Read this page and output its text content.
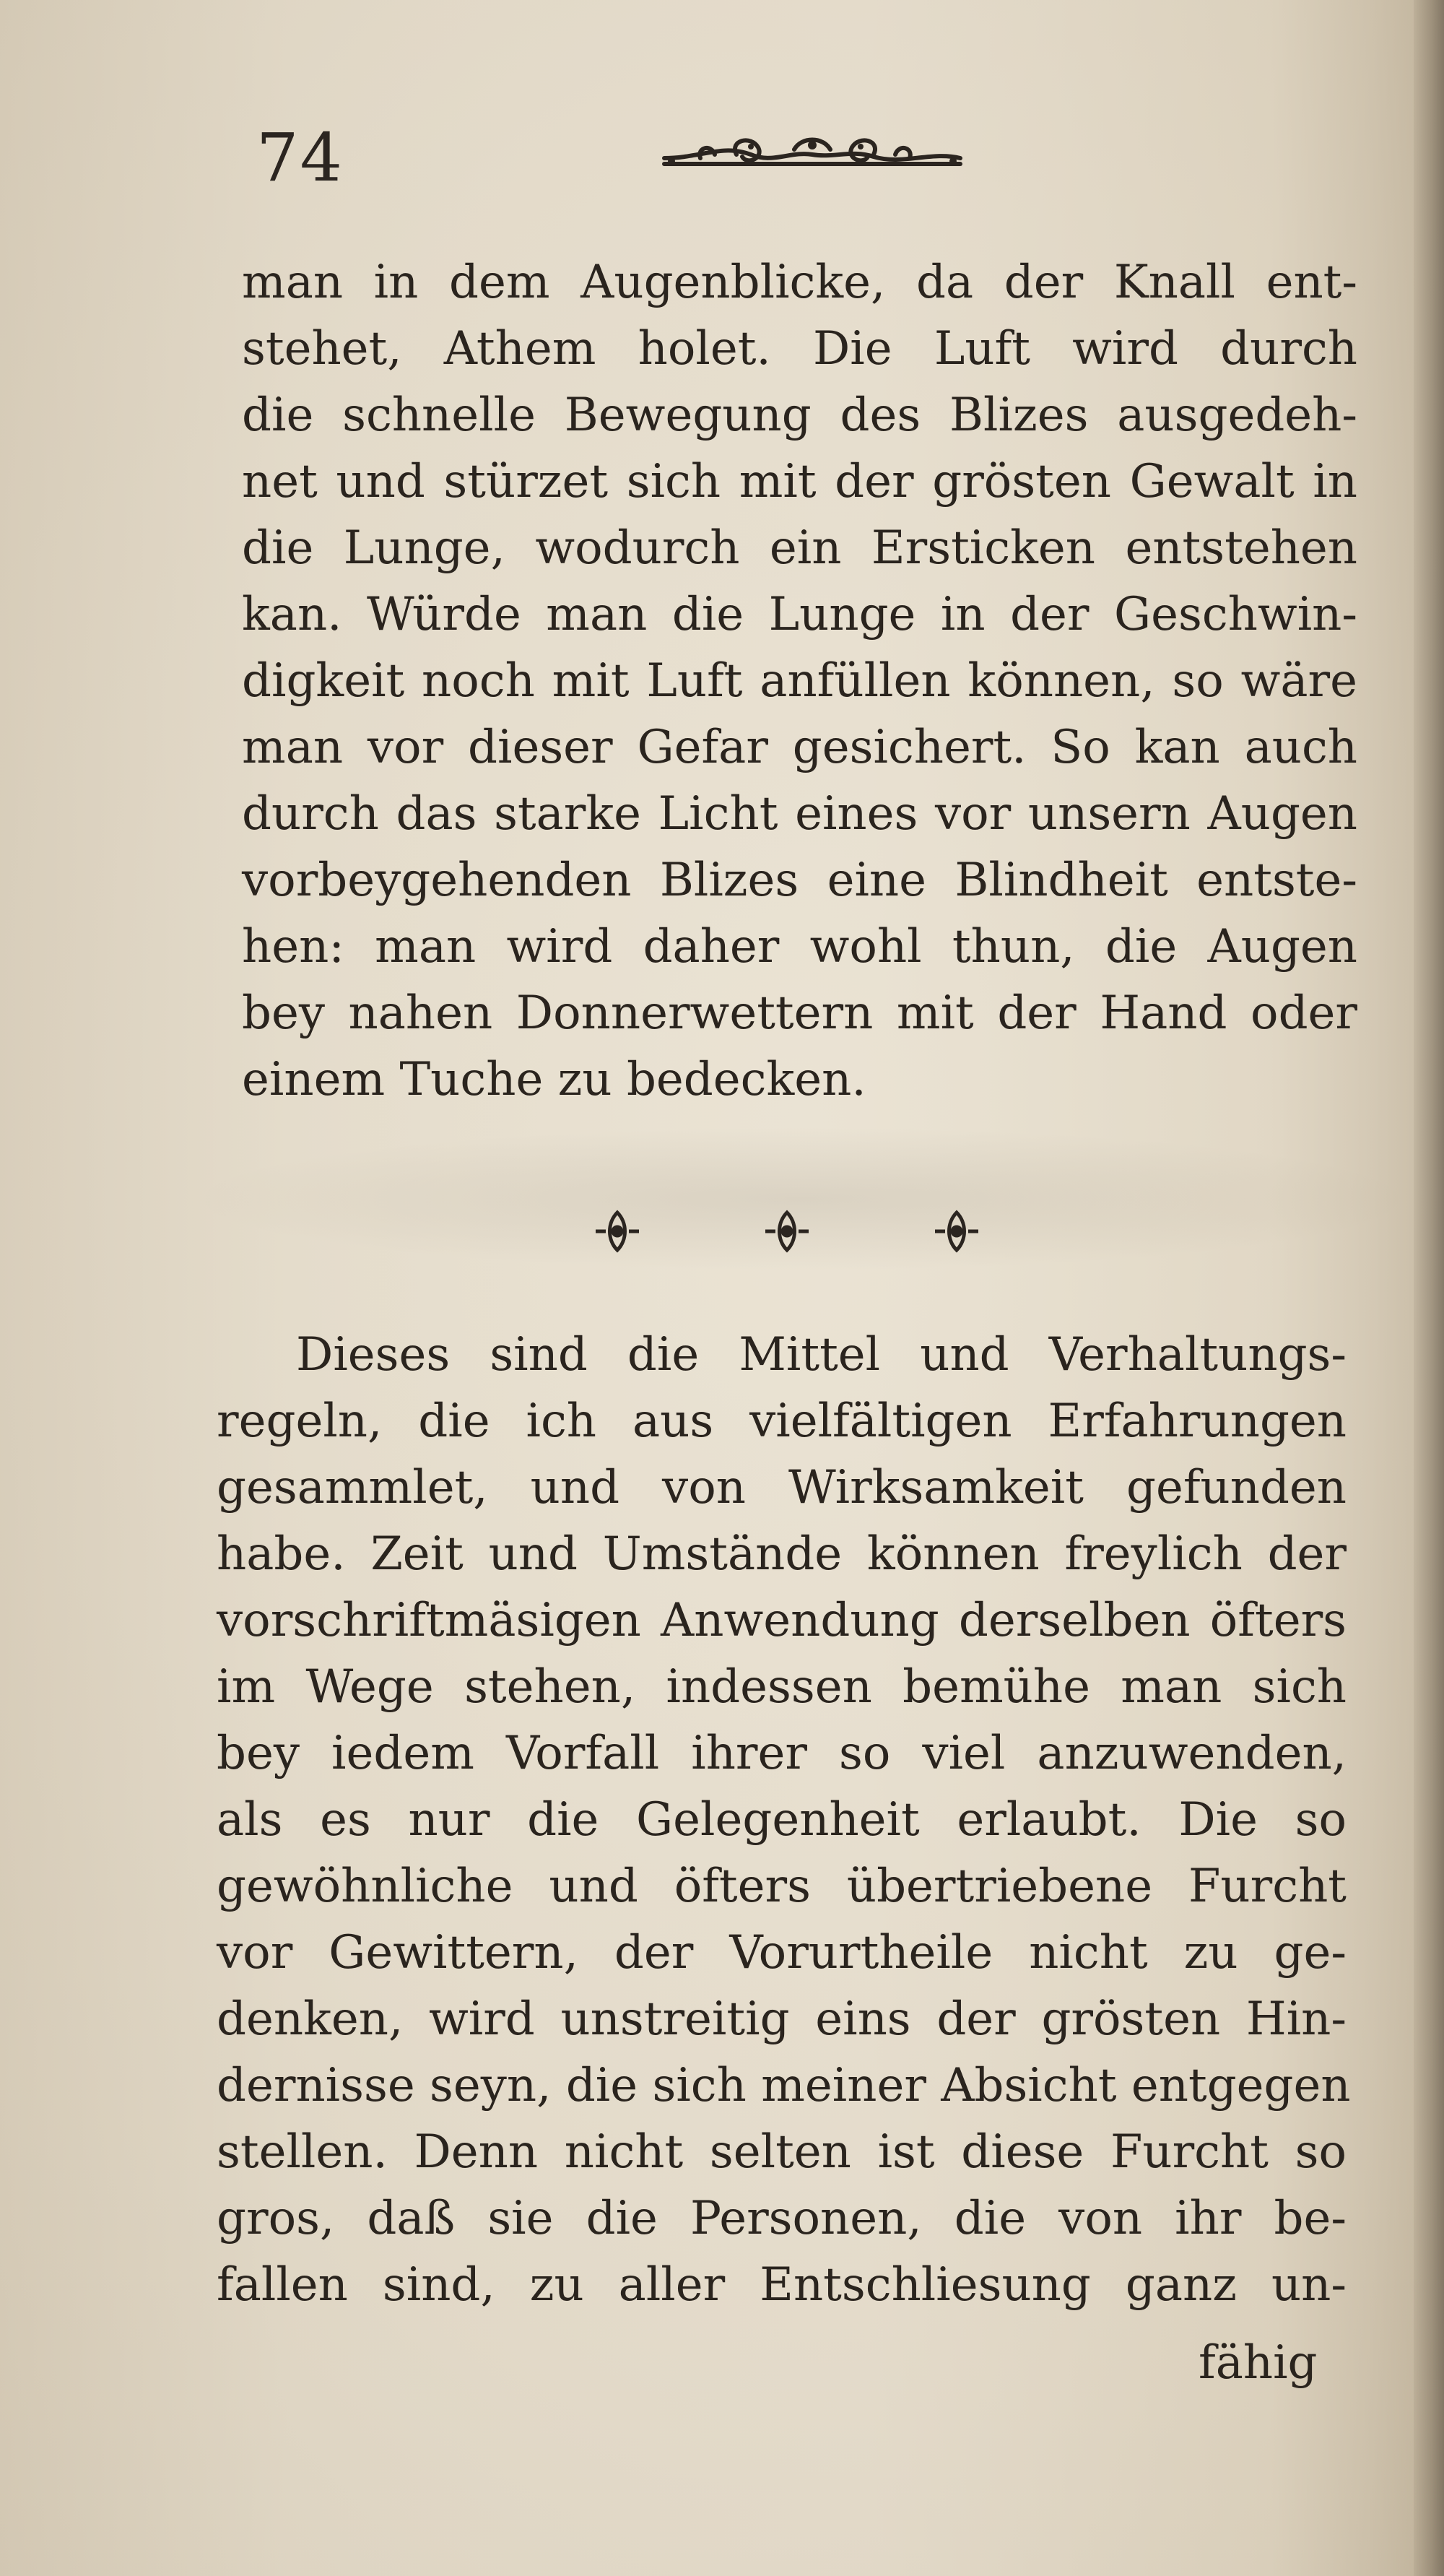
74
man in dem Augenblicke, da der Knall ent-
stehet, Athem holet. Die Luft wird durch
die schnelle Bewegung des Blizes ausgedeh-
net und stürzet sich mit der grösten Gewalt in
die Lunge, wodurch ein Ersticken entstehen
kan. Würde man die Lunge in der Geschwin-
digkeit noch mit Luft anfüllen können, so wäre
man vor dieser Gefar gesichert. So kan auch
durch das starke Licht eines vor unsern Augen
vorbeygehenden Blizes eine Blindheit entste-
hen: man wird daher wohl thun, die Augen
bey nahen Donnerwettern mit der Hand oder
einem Tuche zu bedecken.
Dieses sind die Mittel und Verhaltungs-
regeln, die ich aus vielfältigen Erfahrungen
gesammlet, und von Wirksamkeit gefunden
habe. Zeit und Umstände können freylich der
vorschriftmäsigen Anwendung derselben öfters
im Wege stehen, indessen bemühe man sich
bey iedem Vorfall ihrer so viel anzuwenden,
als es nur die Gelegenheit erlaubt. Die so
gewöhnliche und öfters übertriebene Furcht
vor Gewittern, der Vorurtheile nicht zu ge-
denken, wird unstreitig eins der grösten Hin-
dernisse seyn, die sich meiner Absicht entgegen
stellen. Denn nicht selten ist diese Furcht so
gros, daß sie die Personen, die von ihr be-
fallen sind, zu aller Entschliesung ganz un-
fähig
